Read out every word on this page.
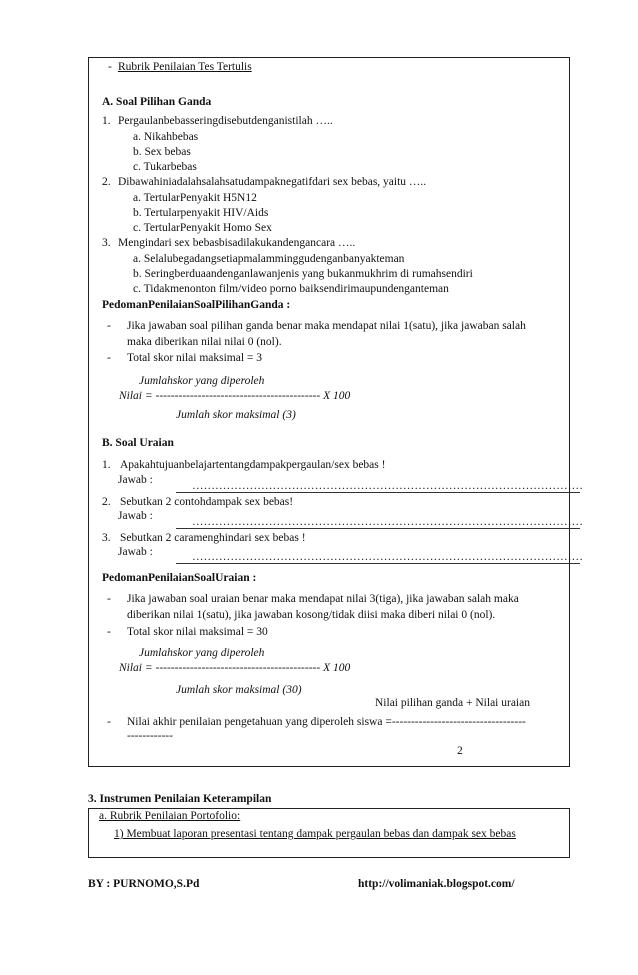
- Rubrik Penilaian Tes Tertulis
A. Soal Pilihan Ganda
1. Pergaulanbebasseringdisebutdenganistilah …..
a. Nikahbebas
b. Sex bebas
c. Tukarbebas
2. Dibawahiniadalahsalahsatudampaknegatifdari sex bebas, yaitu …..
a. TertularPenyakit H5N12
b. Tertularpenyakit HIV/Aids
c. TertularPenyakit Homo Sex
3. Mengindari sex bebasbisadilakukandengancara …..
a. Selalubegadangsetiapmalamminggudenganbanyakteman
b. Seringberduaandenganlawanjenis yang bukanmukhrim di rumahsendiri
c. Tidakmenonton film/video porno baiksendirimaupundenganteman
PedomanPenilaianSoalPilihanGanda :
- Jika jawaban soal pilihan ganda benar maka mendapat nilai 1(satu), jika jawaban salah
maka diberikan nilai nilai 0 (nol).
- Total skor nilai maksimal = 3
Jumlahskor yang diperoleh
Nilai = ------------------------------------------- X 100
Jumlah skor maksimal (3)
B. Soal Uraian
1. Apakahtujuanbelajartentangdampakpergaulan/sex bebas !
Jawab :	…………………………………………………………………………………………
2. Sebutkan 2 contohdampak sex bebas!
Jawab :	…………………………………………………………………………………………
3. Sebutkan 2 caramenghindari sex bebas !
Jawab :	…………………………………………………………………………………………
PedomanPenilaianSoalUraian :
- Jika jawaban soal uraian benar maka mendapat nilai 3(tiga), jika jawaban salah maka
diberikan nilai 1(satu), jika jawaban kosong/tidak diisi maka diberi nilai 0 (nol).
- Total skor nilai maksimal = 30
Jumlahskor yang diperoleh
Nilai = ------------------------------------------- X 100
Jumlah skor maksimal (30)
Nilai pilihan ganda + Nilai uraian
- Nilai akhir penilaian pengetahuan yang diperoleh siswa =-----------------------------------
------------
2
3. Instrumen Penilaian Keterampilan
a. Rubrik Penilaian Portofolio:
1) Membuat laporan presentasi tentang dampak pergaulan bebas dan dampak sex bebas
BY : PURNOMO,S.Pd	http://volimaniak.blogspot.com/
